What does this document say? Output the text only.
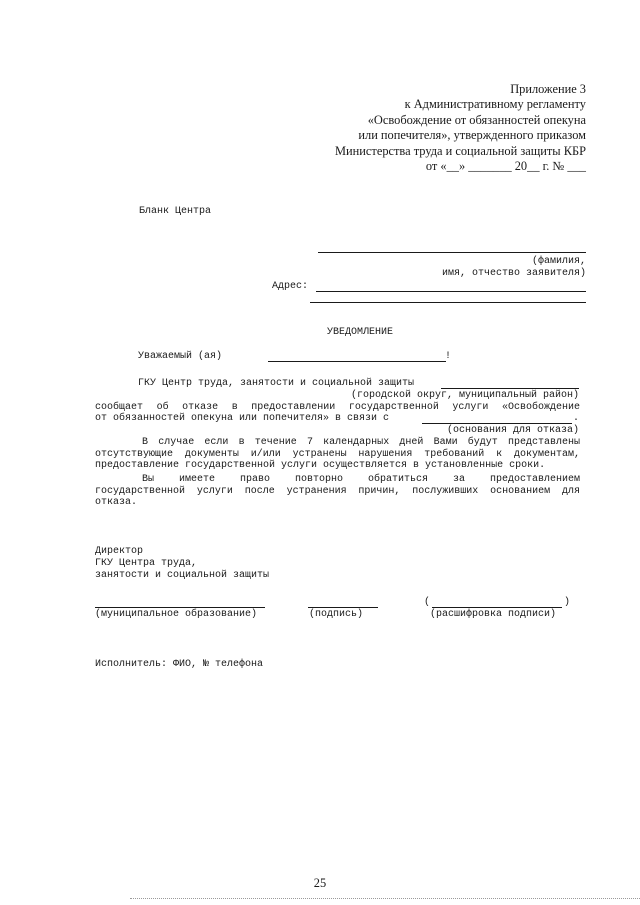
Приложение 3
к Административному регламенту
«Освобождение от обязанностей опекуна
или попечителя», утвержденного приказом
Министерства труда и социальной защиты КБР
от «__» _______ 20__ г. № ___
Бланк Центра
(фамилия,
имя, отчество заявителя)
Адрес:
УВЕДОМЛЕНИЕ
Уважаемый (ая)	!
ГКУ Центр труда, занятости и социальной защиты
(городской округ, муниципальный район)
сообщает об отказе в предоставлении государственной услуги «Освобождение
от обязанностей опекуна или попечителя» в связи с	.
(основания для отказа)
В случае если в течение 7 календарных дней Вами будут представлены
отсутствующие документы и/или устранены нарушения требований к документам,
предоставление государственной услуги осуществляется в установленные сроки.
Вы имеете право повторно обратиться за предоставлением
государственной услуги после устранения причин, послуживших основанием для
отказа.
Директор
ГКУ Центра труда,
занятости и социальной защиты
(муниципальное образование)	(подпись)
(	)
(расшифровка подписи)
Исполнитель: ФИО, № телефона
25
